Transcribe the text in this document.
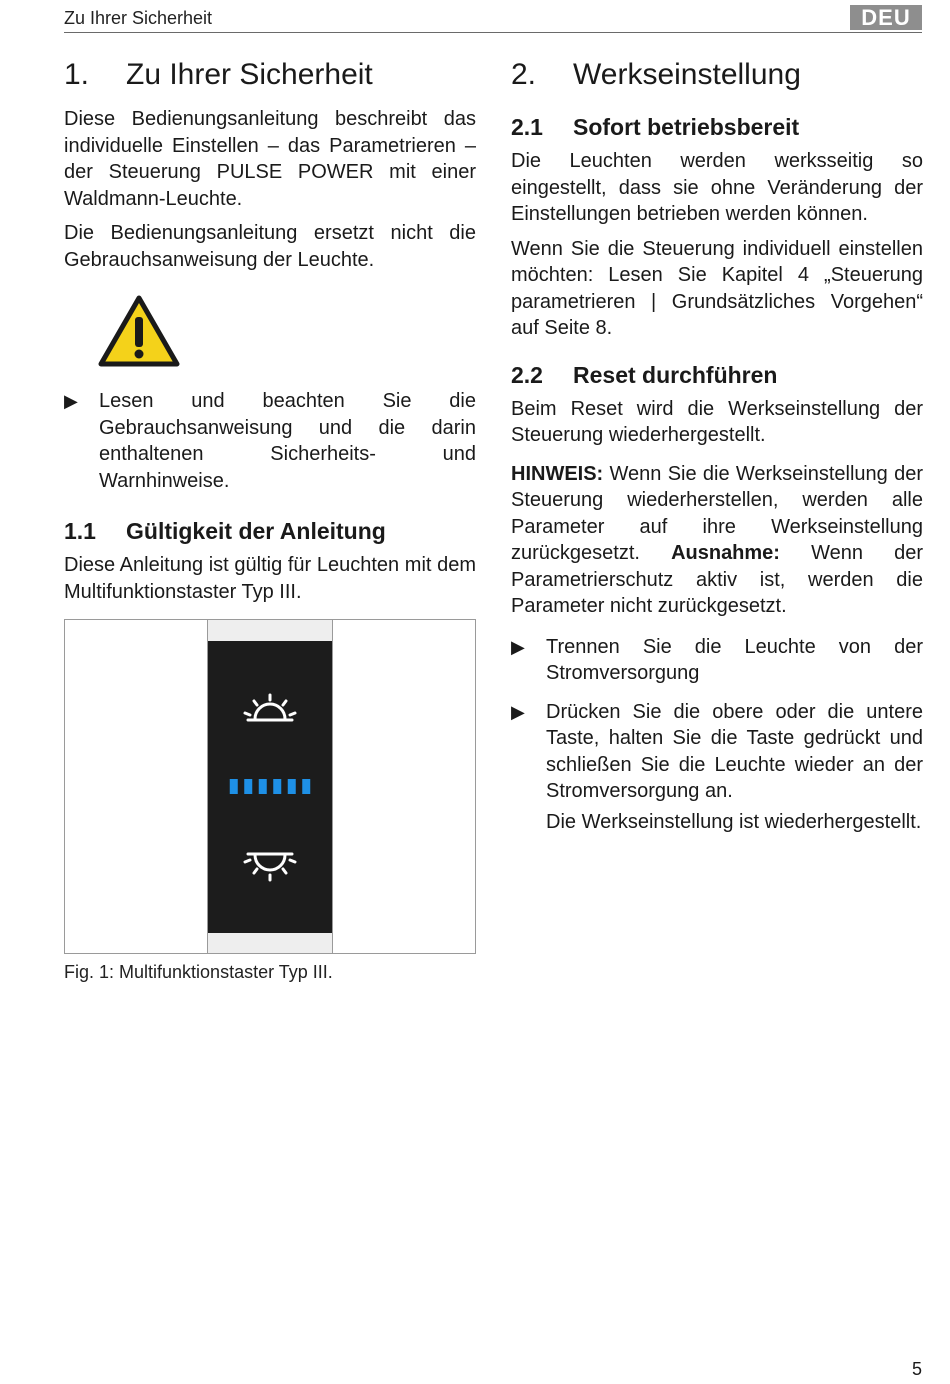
Zu Ihrer Sicherheit	DEU
1.	Zu Ihrer Sicherheit

Diese Bedienungsanleitung beschreibt das individuelle Einstellen – das Parametrieren – der Steuerung PULSE POWER mit einer Waldmann-Leuchte.

Die Bedienungsanleitung ersetzt nicht die Gebrauchsanweisung der Leuchte.

▶	Lesen und beachten Sie die Gebrauchsanweisung und die darin enthaltenen Sicherheits- und Warnhinweise.
1.1	Gültigkeit der Anleitung

Diese Anleitung ist gültig für Leuchten mit dem Multifunktionstaster Typ III.

Fig. 1: Multifunktionstaster Typ III.
2.	Werkseinstellung
2.1	Sofort betriebsbereit

Die Leuchten werden werksseitig so eingestellt, dass sie ohne Veränderung der Einstellungen betrieben werden können.

Wenn Sie die Steuerung individuell einstellen möchten: Lesen Sie Kapitel 4 „Steuerung parametrieren | Grundsätzliches Vorgehen“ auf Seite 8.

2.2	Reset durchführen

Beim Reset wird die Werkseinstellung der Steuerung wiederhergestellt.

HINWEIS: Wenn Sie die Werkseinstellung der Steuerung wiederherstellen, werden alle Parameter auf ihre Werkseinstellung zurückgesetzt. Ausnahme: Wenn der Parametrierschutz aktiv ist, werden die Parameter nicht zurückgesetzt.

▶	Trennen Sie die Leuchte von der Stromversorgung
▶	Drücken Sie die obere oder die untere Taste, halten Sie die Taste gedrückt und schließen Sie die Leuchte wieder an der Stromversorgung an.
Die Werkseinstellung ist wiederhergestellt.
5
